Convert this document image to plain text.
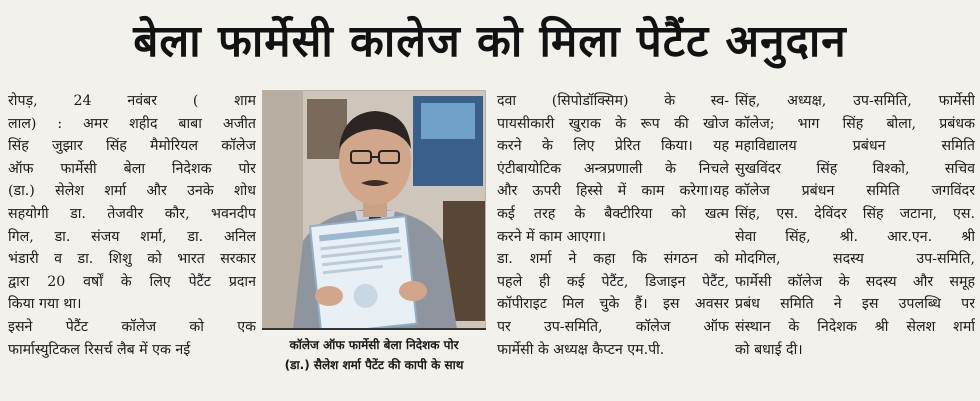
बेला फार्मेसी कालेज को मिला पेटैंट अनुदान
रोपड़, 24 नवंबर ( शाम
लाल) : अमर शहीद बाबा अजीत
सिंह जुझार सिंह मैमोरियल कॉलेज
ऑफ फार्मेसी बेला निदेशक पोर
(डा.) सेलेश शर्मा और उनके शोध
सहयोगी डा. तेजवीर कौर, भवनदीप
गिल, डा. संजय शर्मा, डा. अनिल
भंडारी व डा. शिशु को भारत सरकार
द्वारा 20 वर्षों के लिए पेटैंट प्रदान
किया गया था।
इसने पेटैंट कॉलेज को एक
फार्मास्युटिकल रिसर्च लैब में एक नई	कॉलेज ऑफ फार्मेसी बेला निदेशक पोर
(डा.) सैलेश शर्मा पैटेंट की कापी के साथ
दवा (सिपोडॉक्सिम) के स्व-
पायसीकारी खुराक के रूप की खोज
करने के लिए प्रेरित किया। यह
एंटीबायोटिक अन्त्रप्रणाली के निचले
और ऊपरी हिस्से में काम करेगा।यह
कई तरह के बैक्टीरिया को खत्म
करने में काम आएगा।
डा. शर्मा ने कहा कि संगठन को
पहले ही कई पेटैंट, डिजाइन पेटैंट,
कॉपीराइट मिल चुके हैं। इस अवसर
पर उप-समिति, कॉलेज ऑफ
फार्मेसी के अध्यक्ष कैप्टन एम.पी.
सिंह, अध्यक्ष, उप-समिति, फार्मेसी
कॉलेज; भाग सिंह बोला, प्रबंधक
महाविद्यालय प्रबंधन समिति
सुखविंदर सिंह विश्को, सचिव
कॉलेज प्रबंधन समिति जगविंदर
सिंह, एस. देविंदर सिंह जटाना, एस.
सेवा सिंह, श्री. आर.एन. श्री
मोदगिल, सदस्य उप-समिति,
फार्मेसी कॉलेज के सदस्य और समूह
प्रबंध समिति ने इस उपलब्धि पर
संस्थान के निदेशक श्री सेलश शर्मा
को बधाई दी।
